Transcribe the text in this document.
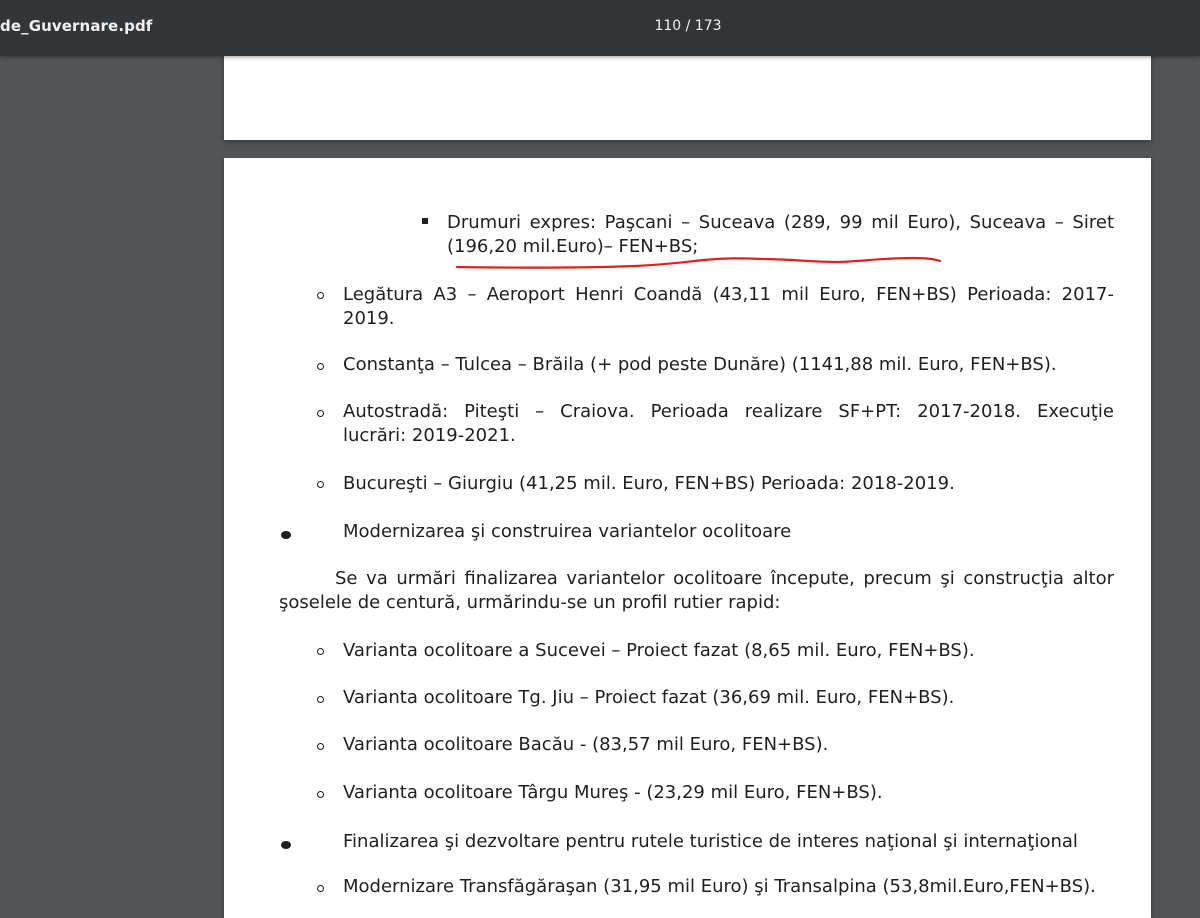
de_Guvernare.pdf	110 / 173
Drumuri expres: Paşcani – Suceava (289, 99 mil Euro), Suceava – Siret
(196,20 mil.Euro)– FEN+BS;
Legătura A3 – Aeroport Henri Coandă (43,11 mil Euro, FEN+BS) Perioada: 2017-
2019.
Constanţa – Tulcea – Brăila (+ pod peste Dunăre) (1141,88 mil. Euro, FEN+BS).
Autostradă: Piteşti – Craiova. Perioada realizare SF+PT: 2017-2018. Execuţie
lucrări: 2019-2021.
Bucureşti – Giurgiu (41,25 mil. Euro, FEN+BS) Perioada: 2018-2019.
Modernizarea şi construirea variantelor ocolitoare
Se va urmări finalizarea variantelor ocolitoare începute, precum şi construcţia altor
şoselele de centură, urmărindu-se un profil rutier rapid:
Varianta ocolitoare a Sucevei – Proiect fazat (8,65 mil. Euro, FEN+BS).
Varianta ocolitoare Tg. Jiu – Proiect fazat (36,69 mil. Euro, FEN+BS).
Varianta ocolitoare Bacău - (83,57 mil Euro, FEN+BS).
Varianta ocolitoare Târgu Mureş - (23,29 mil Euro, FEN+BS).
Finalizarea şi dezvoltare pentru rutele turistice de interes naţional şi internaţional
Modernizare Transfăgăraşan (31,95 mil Euro) şi Transalpina (53,8mil.Euro,FEN+BS).
